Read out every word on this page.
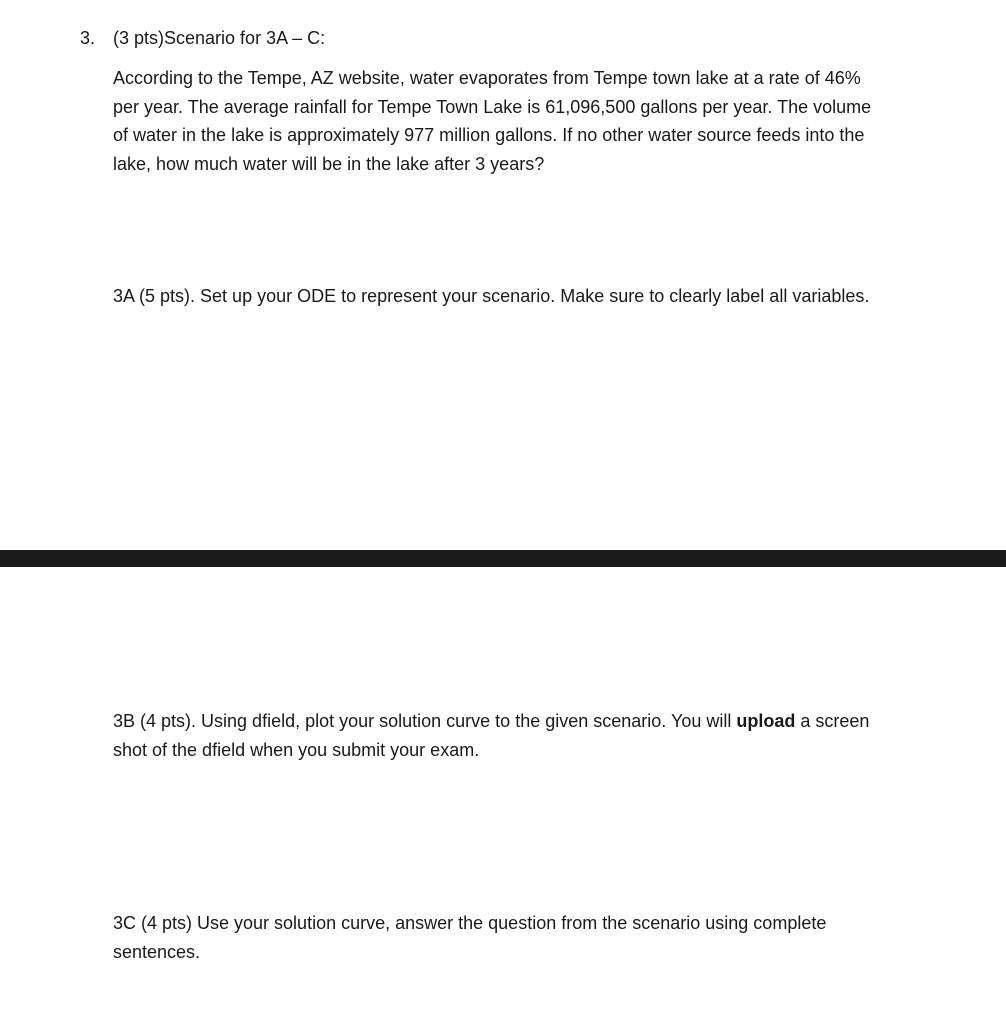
3. (3 pts)Scenario for 3A – C:
According to the Tempe, AZ website, water evaporates from Tempe town lake at a rate of 46%
per year. The average rainfall for Tempe Town Lake is 61,096,500 gallons per year. The volume
of water in the lake is approximately 977 million gallons. If no other water source feeds into the
lake, how much water will be in the lake after 3 years?
3A (5 pts). Set up your ODE to represent your scenario. Make sure to clearly label all variables.
3B (4 pts). Using dfield, plot your solution curve to the given scenario. You will upload a screen
shot of the dfield when you submit your exam.
3C (4 pts) Use your solution curve, answer the question from the scenario using complete
sentences.
